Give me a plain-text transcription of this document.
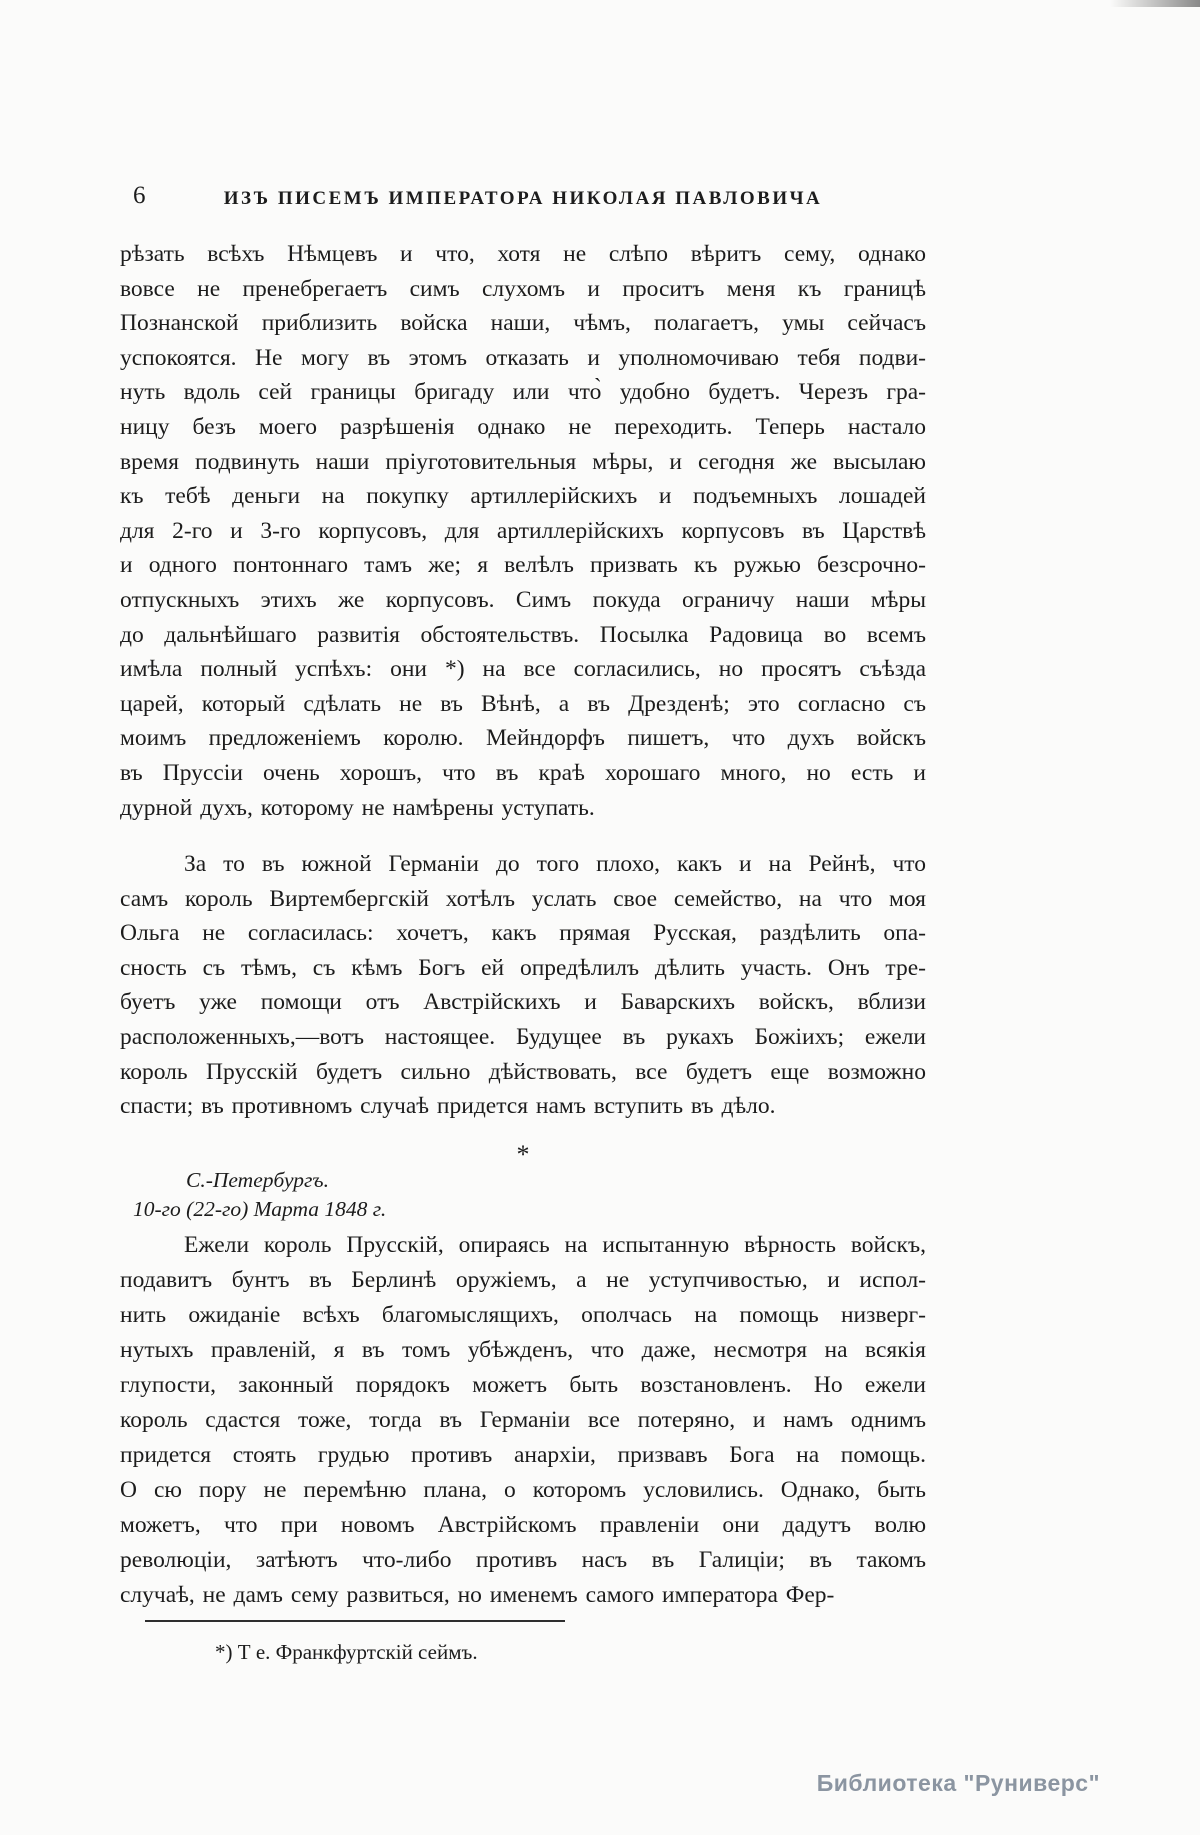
6	ИЗЪ ПИСЕМЪ ИМПЕРАТОРА НИКОЛАЯ ПАВЛОВИЧА
рѣзать всѣхъ Нѣмцевъ и что, хотя не слѣпо вѣритъ сему, однако
вовсе не пренебрегаетъ симъ слухомъ и проситъ меня къ границѣ
Познанской приблизить войска наши, чѣмъ, полагаетъ, умы сейчасъ
успокоятся. Не могу въ этомъ отказать и уполномочиваю тебя подви-
нуть вдоль сей границы бригаду или что̀ удобно будетъ. Черезъ гра-
ницу безъ моего разрѣшенія однако не переходить. Теперь настало
время подвинуть наши пріуготовительныя мѣры, и сегодня же высылаю
къ тебѣ деньги на покупку артиллерійскихъ и подъемныхъ лошадей
для 2-го и 3-го корпусовъ, для артиллерійскихъ корпусовъ въ Царствѣ
и одного понтоннаго тамъ же; я велѣлъ призвать къ ружью безсрочно-
отпускныхъ этихъ же корпусовъ. Симъ покуда ограничу наши мѣры
до дальнѣйшаго развитія обстоятельствъ. Посылка Радовица во всемъ
имѣла полный успѣхъ: они *) на все согласились, но просятъ съѣзда
царей, который сдѣлать не въ Вѣнѣ, а въ Дрезденѣ; это согласно съ
моимъ предложеніемъ королю. Мейндорфъ пишетъ, что духъ войскъ
въ Пруссіи очень хорошъ, что въ краѣ хорошаго много, но есть и
дурной духъ, которому не намѣрены уступать.
За то въ южной Германіи до того плохо, какъ и на Рейнѣ, что
самъ король Виртембергскій хотѣлъ услать свое семейство, на что моя
Ольга не согласилась: хочетъ, какъ прямая Русская, раздѣлить опа-
сность съ тѣмъ, съ кѣмъ Богъ ей опредѣлилъ дѣлить участь. Онъ тре-
буетъ уже помощи отъ Австрійскихъ и Баварскихъ войскъ, вблизи
расположенныхъ,—вотъ настоящее. Будущее въ рукахъ Божіихъ; ежели
король Прусскій будетъ сильно дѣйствовать, все будетъ еще возможно
спасти; въ противномъ случаѣ придется намъ вступить въ дѣло.
*
С.-Петербургъ.
10-го (22-го) Марта 1848 г.
Ежели король Прусскій, опираясь на испытанную вѣрность войскъ,
подавитъ бунтъ въ Берлинѣ оружіемъ, а не уступчивостью, и испол-
нить ожиданіе всѣхъ благомыслящихъ, ополчась на помощь низверг-
нутыхъ правленій, я въ томъ убѣжденъ, что даже, несмотря на всякія
глупости, законный порядокъ можетъ быть возстановленъ. Но ежели
король сдастся тоже, тогда въ Германіи все потеряно, и намъ однимъ
придется стоять грудью противъ анархіи, призвавъ Бога на помощь.
О сю пору не перемѣню плана, о которомъ условились. Однако, быть
можетъ, что при новомъ Австрійскомъ правленіи они дадутъ волю
революціи, затѣютъ что-либо противъ насъ въ Галиціи; въ такомъ
случаѣ, не дамъ сему развиться, но именемъ самого императора Фер-
*) Т е. Франкфуртскій сеймъ.
Библиотека "Руниверс"
